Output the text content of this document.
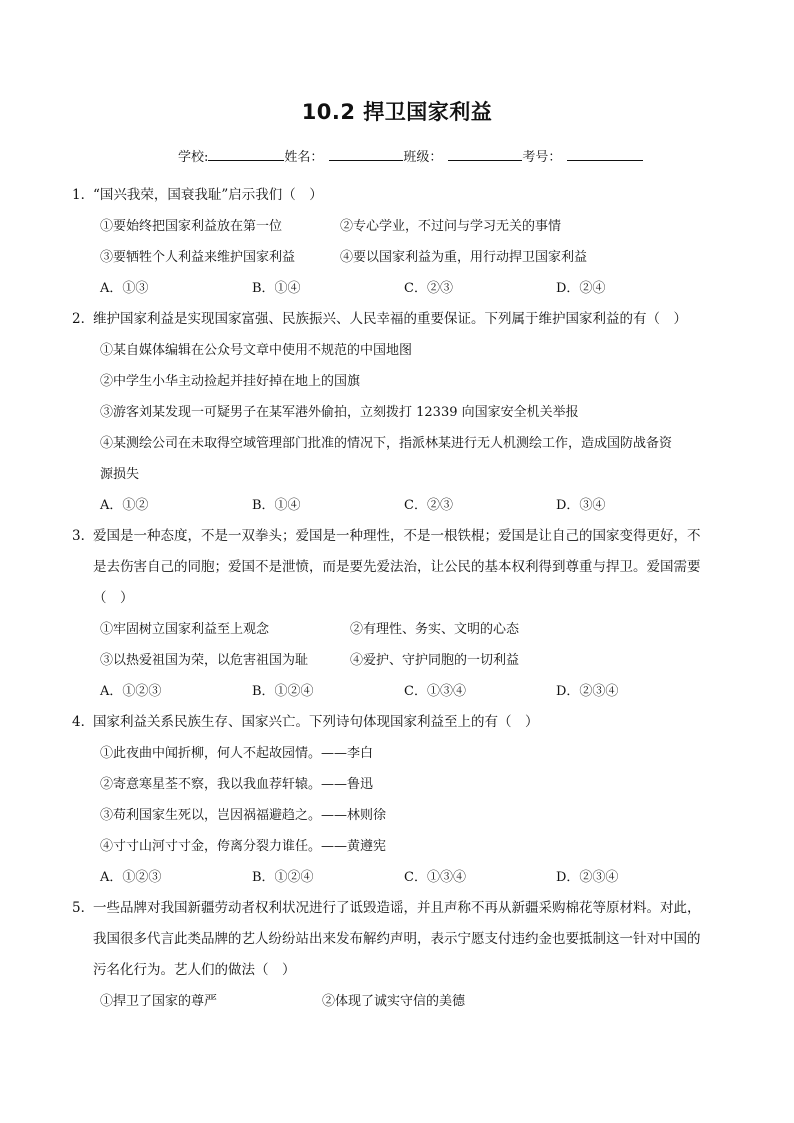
10.2 捍卫国家利益
学校:	姓名：	班级：	考号：
1．
“国兴我荣，国衰我耻”启示我们（　）
①要始终把国家利益放在第一位	②专心学业，不过问与学习无关的事情
③要牺牲个人利益来维护国家利益	④要以国家利益为重，用行动捍卫国家利益
A．①③	B．①④	C．②③	D．②④
2．
维护国家利益是实现国家富强、民族振兴、人民幸福的重要保证。下列属于维护国家利益的有（　）
①某自媒体编辑在公众号文章中使用不规范的中国地图
②中学生小华主动捡起并挂好掉在地上的国旗
③游客刘某发现一可疑男子在某军港外偷拍，立刻拨打 12339 向国家安全机关举报
④某测绘公司在未取得空域管理部门批准的情况下，指派林某进行无人机测绘工作，造成国防战备资
源损失
A．①②	B．①④	C．②③	D．③④
3．
爱国是一种态度，不是一双拳头；爱国是一种理性，不是一根铁棍；爱国是让自己的国家变得更好，不
是去伤害自己的同胞；爱国不是泄愤，而是要先爱法治，让公民的基本权利得到尊重与捍卫。爱国需要
（　）
①牢固树立国家利益至上观念	②有理性、务实、文明的心态
③以热爱祖国为荣，以危害祖国为耻	④爱护、守护同胞的一切利益
A．①②③	B．①②④	C．①③④	D．②③④
4．
国家利益关系民族生存、国家兴亡。下列诗句体现国家利益至上的有（　）
①此夜曲中闻折柳，何人不起故园情。——李白
②寄意寒星荃不察，我以我血荐轩辕。——鲁迅
③苟利国家生死以，岂因祸福避趋之。——林则徐
④寸寸山河寸寸金，侉离分裂力谁任。——黄遵宪
A．①②③	B．①②④	C．①③④	D．②③④
5．
一些品牌对我国新疆劳动者权利状况进行了诋毁造谣，并且声称不再从新疆采购棉花等原材料。对此，
我国很多代言此类品牌的艺人纷纷站出来发布解约声明，表示宁愿支付违约金也要抵制这一针对中国的
污名化行为。艺人们的做法（　）
①捍卫了国家的尊严	②体现了诚实守信的美德
